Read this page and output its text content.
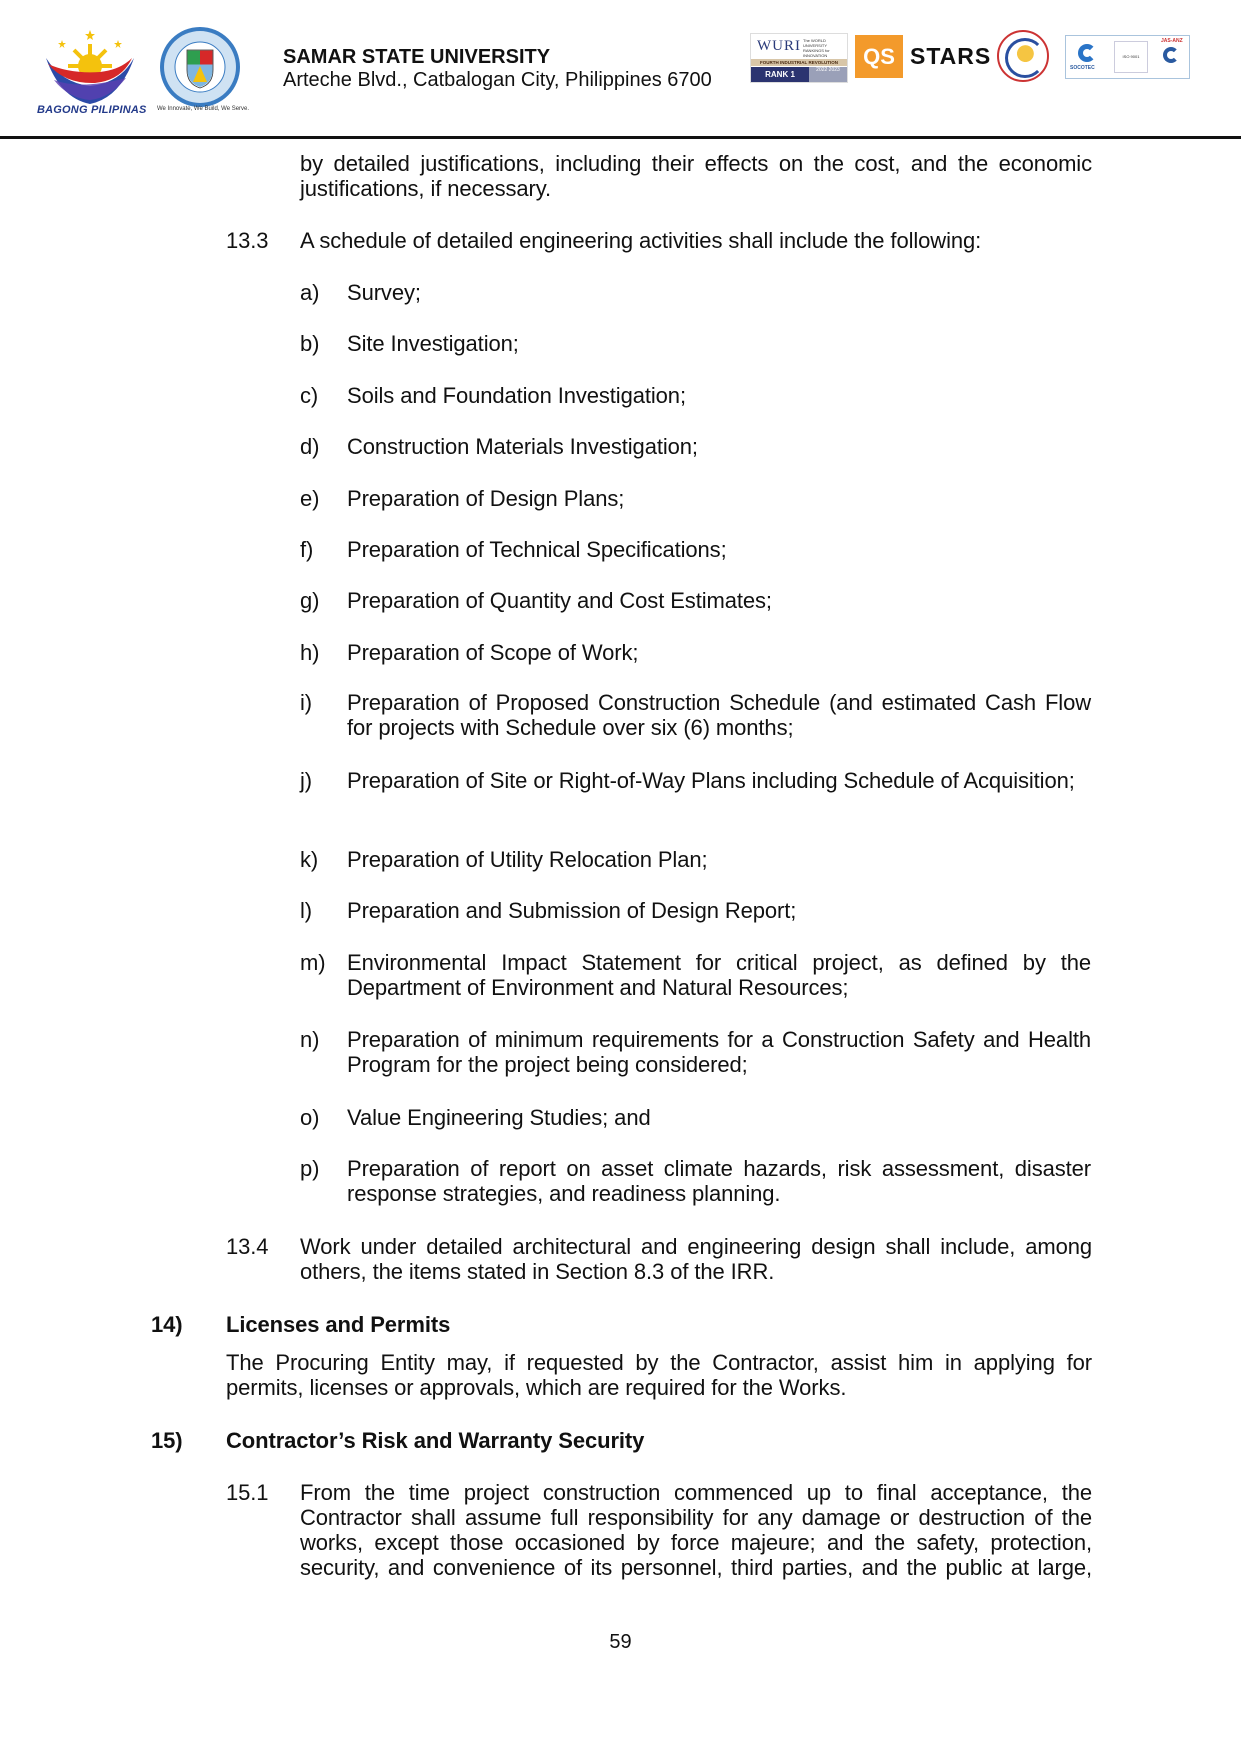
BAGONG PILIPINAS We Innovate, We Build, We Serve.
SAMAR STATE UNIVERSITY
Arteche Blvd., Catbalogan City, Philippines 6700
WURI The WORLD UNIVERSITY RANKINGS for INNOVATION
FOURTH INDUSTRIAL REVOLUTION
RANK 1	2022 2023
QS STARS	SOCOTEC
ISO 9001
JAS-ANZ
by detailed justifications, including their effects on the cost, and the economic justifications, if necessary.
13.3 A schedule of detailed engineering activities shall include the following:
a) Survey;
b) Site Investigation;
c) Soils and Foundation Investigation;
d) Construction Materials Investigation;
e) Preparation of Design Plans;
f) Preparation of Technical Specifications;
g) Preparation of Quantity and Cost Estimates;
h) Preparation of Scope of Work;
i) Preparation of Proposed Construction Schedule (and estimated Cash Flow for projects with Schedule over six (6) months;
j) Preparation of Site or Right-of-Way Plans including Schedule of Acquisition;
k) Preparation of Utility Relocation Plan;
l) Preparation and Submission of Design Report;
m) Environmental Impact Statement for critical project, as defined by the Department of Environment and Natural Resources;
n) Preparation of minimum requirements for a Construction Safety and Health Program for the project being considered;
o) Value Engineering Studies; and
p) Preparation of report on asset climate hazards, risk assessment, disaster response strategies, and readiness planning.
13.4 Work under detailed architectural and engineering design shall include, among others, the items stated in Section 8.3 of the IRR.
14) Licenses and Permits
The Procuring Entity may, if requested by the Contractor, assist him in applying for permits, licenses or approvals, which are required for the Works.
15) Contractor’s Risk and Warranty Security
15.1 From the time project construction commenced up to final acceptance, the Contractor shall assume full responsibility for any damage or destruction of the works, except those occasioned by force majeure; and the safety, protection, security, and convenience of its personnel, third parties, and the public at large,
59
